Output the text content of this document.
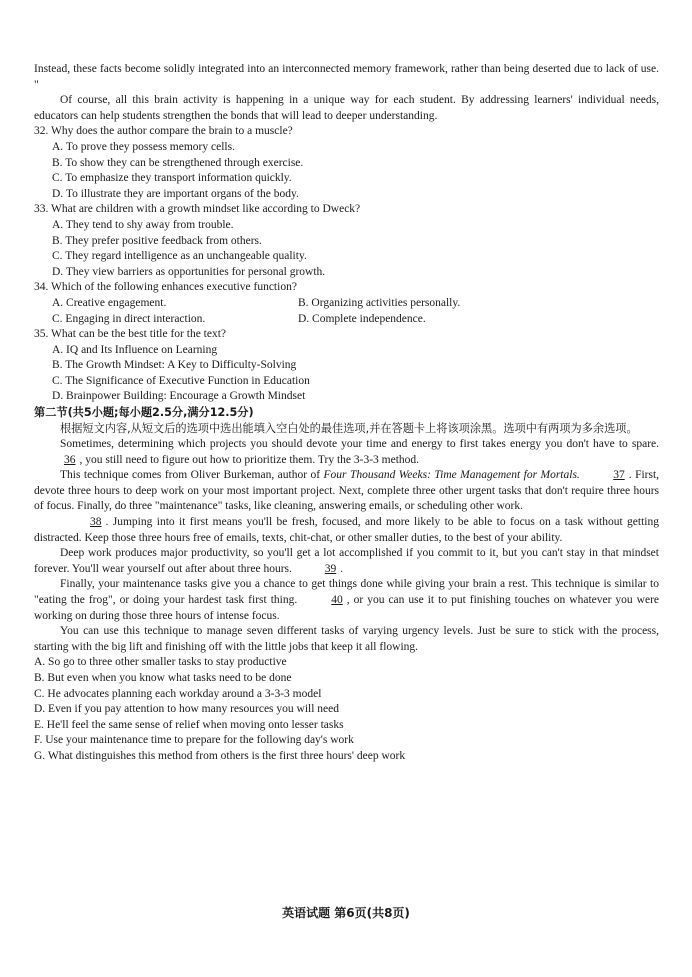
Instead, these facts become solidly integrated into an interconnected memory framework, rather than being deserted due to lack of use. "

Of course, all this brain activity is happening in a unique way for each student. By addressing learners' individual needs, educators can help students strengthen the bonds that will lead to deeper understanding.

32. Why does the author compare the brain to a muscle?
A. To prove they possess memory cells.
B. To show they can be strengthened through exercise.
C. To emphasize they transport information quickly.
D. To illustrate they are important organs of the body.
33. What are children with a growth mindset like according to Dweck?
A. They tend to shy away from trouble.
B. They prefer positive feedback from others.
C. They regard intelligence as an unchangeable quality.
D. They view barriers as opportunities for personal growth.
34. Which of the following enhances executive function?
A. Creative engagement.	B. Organizing activities personally.
C. Engaging in direct interaction.	D. Complete independence.
35. What can be the best title for the text?
A. IQ and Its Influence on Learning
B. The Growth Mindset: A Key to Difficulty-Solving
C. The Significance of Executive Function in Education
D. Brainpower Building: Encourage a Growth Mindset
第二节(共5小题;每小题2.5分,满分12.5分)

根据短文内容,从短文后的选项中选出能填入空白处的最佳选项,并在答题卡上将该项涂黑。选项中有两项为多余选项。

Sometimes, determining which projects you should devote your time and energy to first takes energy you don't have to spare. 36 , you still need to figure out how to prioritize them. Try the 3-3-3 method.

This technique comes from Oliver Burkeman, author of Four Thousand Weeks: Time Management for Mortals.	37 . First, devote three hours to deep work on your most important project. Next, complete three other urgent tasks that don't require three hours of focus. Finally, do three "maintenance" tasks, like cleaning, answering emails, or scheduling other work.

38 . Jumping into it first means you'll be fresh, focused, and more likely to be able to focus on a task without getting distracted. Keep those three hours free of emails, texts, chit-chat, or other smaller duties, to the best of your ability.

Deep work produces major productivity, so you'll get a lot accomplished if you commit to it, but you can't stay in that mindset forever. You'll wear yourself out after about three hours.	39 .

Finally, your maintenance tasks give you a chance to get things done while giving your brain a rest. This technique is similar to "eating the frog", or doing your hardest task first thing.	40 , or you can use it to put finishing touches on whatever you were working on during those three hours of intense focus.

You can use this technique to manage seven different tasks of varying urgency levels. Just be sure to stick with the process, starting with the big lift and finishing off with the little jobs that keep it all flowing.

A. So go to three other smaller tasks to stay productive
B. But even when you know what tasks need to be done
C. He advocates planning each workday around a 3-3-3 model
D. Even if you pay attention to how many resources you will need
E. He'll feel the same sense of relief when moving onto lesser tasks
F. Use your maintenance time to prepare for the following day's work
G. What distinguishes this method from others is the first three hours' deep work
英语试题 第6页(共8页)
